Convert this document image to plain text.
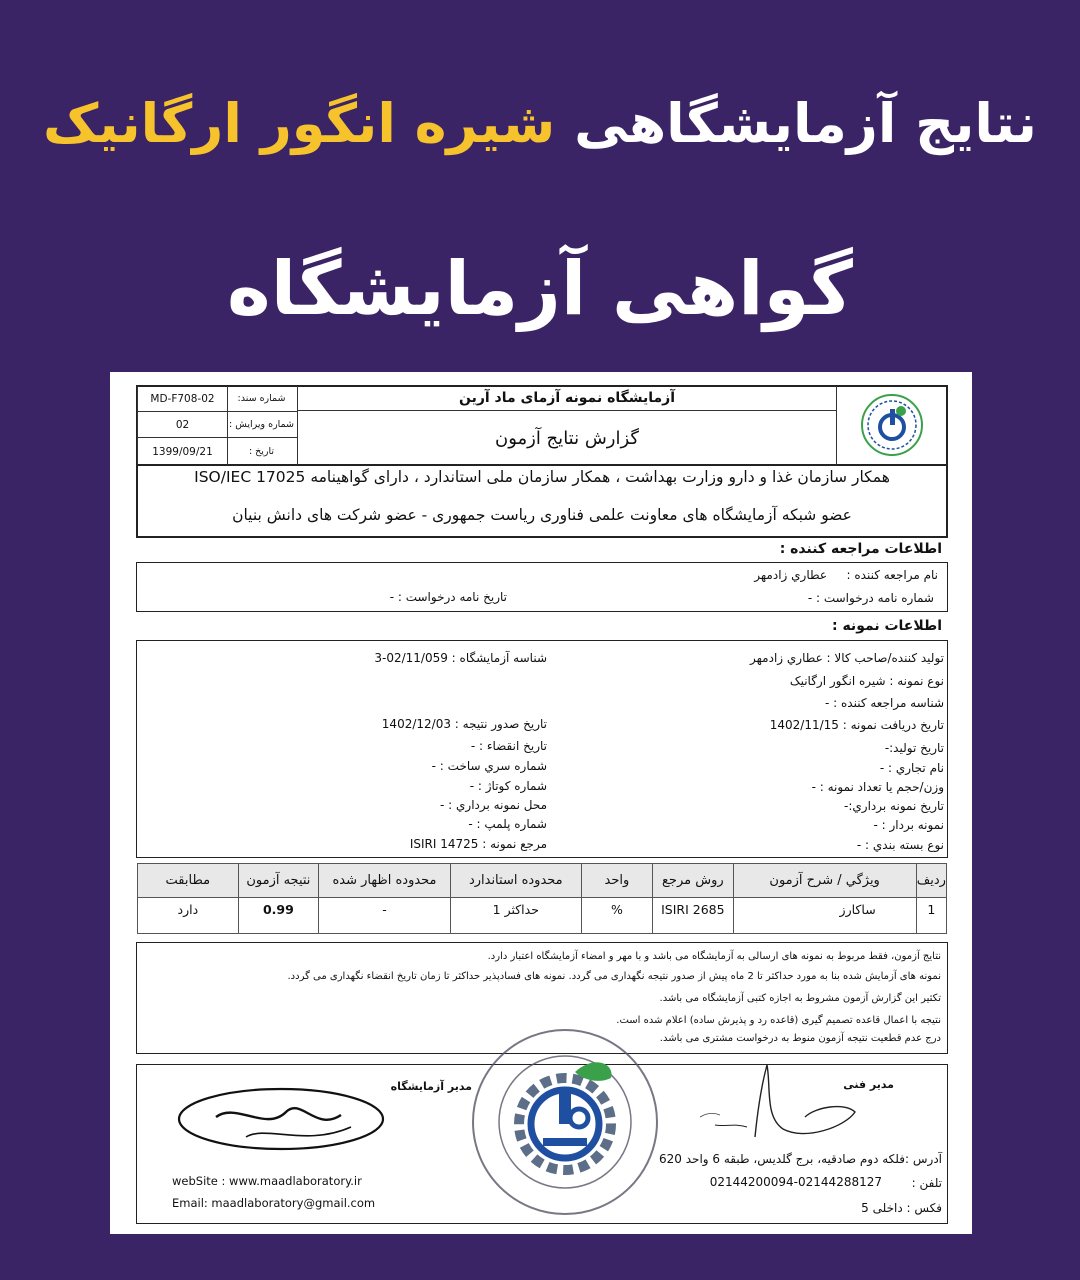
نتایج آزمایشگاهی شیره انگور ارگانیک
گواهی آزمایشگاه
آزمایشگاه نمونه آزمای ماد آرین
گزارش نتایج آزمون
شماره سند:
MD-F708-02
شماره ویرایش :
02
تاریخ :
1399/09/21
همکار سازمان غذا و دارو وزارت بهداشت ، همکار سازمان ملی استاندارد ، دارای گواهینامه ISO/IEC 17025
عضو شبکه آزمایشگاه های معاونت علمی فناوری ریاست جمهوری - عضو شرکت های دانش بنیان
اطلاعات مراجعه کننده :
نام مراجعه کننده :
عطاري زادمهر
شماره نامه درخواست : -
تاریخ نامه درخواست : -
اطلاعات نمونه :
تولید کننده/صاحب کالا : عطاري زادمهر
نوع نمونه : شیره انگور ارگانیک
شناسه مراجعه کننده : -
تاریخ دریافت نمونه : 1402/11/15
تاریخ تولید:-
نام تجاري : -
وزن/حجم یا تعداد نمونه : -
تاریخ نمونه برداري:-
نمونه بردار : -
نوع بسته بندي : -
شناسه آزمایشگاه : 02/11/059-3
تاریخ صدور نتیجه : 1402/12/03
تاریخ انقضاء : -
شماره سري ساخت : -
شماره کوتاژ : -
محل نمونه برداري : -
شماره پلمپ : -
مرجع نمونه : ISIRI 14725
ردیف	ویژگي / شرح آزمون	روش مرجع	واحد	محدوده استاندارد	محدوده اظهار شده	نتیجه آزمون	مطابقت
1	ساکارز	ISIRI 2685	%	حداکثر 1	-	0.99	دارد

نتایج آزمون، فقط مربوط به نمونه های ارسالی به آزمایشگاه می باشد و با مهر و امضاء آزمایشگاه اعتبار دارد.

نمونه های آزمایش شده بنا به مورد حداکثر تا 2 ماه پیش از صدور نتیجه نگهداری می گردد. نمونه های فسادپذیر حداکثر تا زمان تاریخ انقضاء نگهداری می گردد.

تکثیر این گزارش آزمون مشروط به اجازه کتبی آزمایشگاه می باشد.

نتیجه با اعمال قاعده تصمیم گیری (قاعده رد و پذیرش ساده) اعلام شده است.

درج عدم قطعیت نتیجه آزمون منوط به درخواست مشتری می باشد.

مدیر فنی
مدیر آزمایشگاه
آدرس :فلکه دوم صادقیه، برج گلدیس، طبقه 6 واحد 620
تلفن :
02144200094-02144288127
فکس : داخلی 5
webSite : www.maadlaboratory.ir
Email: maadlaboratory@gmail.com
